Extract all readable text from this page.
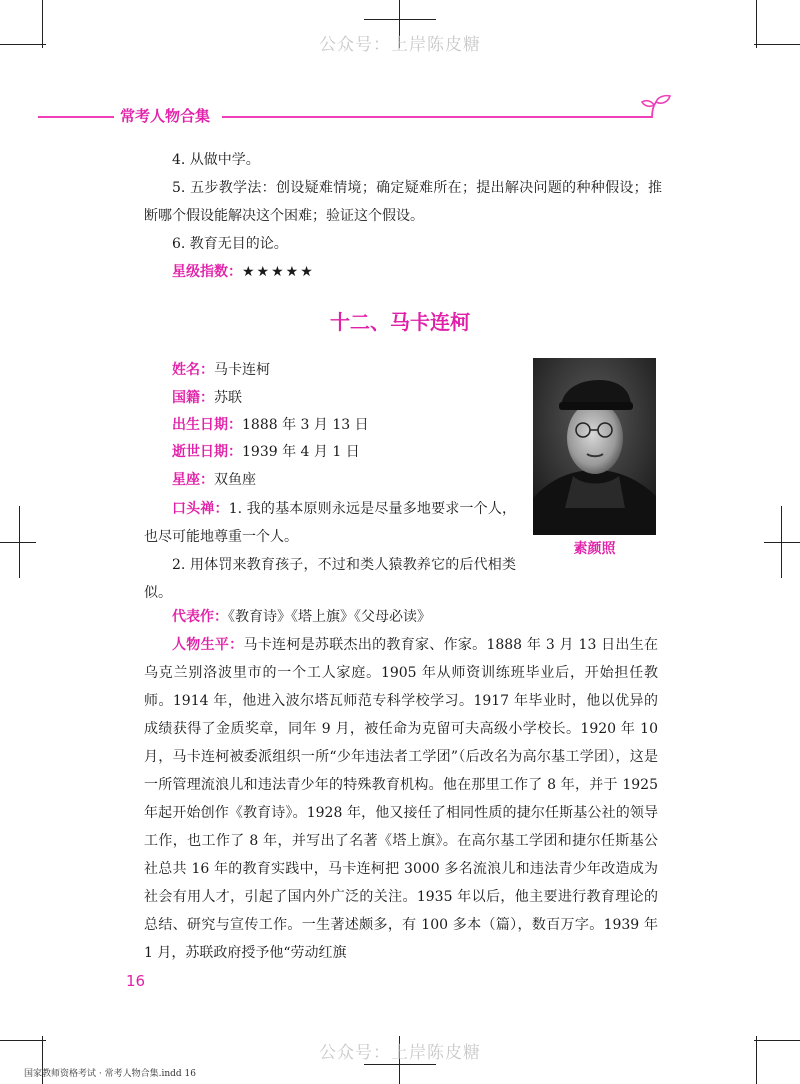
公众号：上岸陈皮糖
公众号：上岸陈皮糖
常考人物合集

4. 从做中学。

5. 五步教学法：创设疑难情境；确定疑难所在；提出解决问题的种种假设；推断哪个假设能解决这个困难；验证这个假设。

6. 教育无目的论。

星级指数：★★★★★

十二、马卡连柯

姓名：马卡连柯

国籍：苏联

出生日期：1888 年 3 月 13 日

逝世日期：1939 年 4 月 1 日

星座：双鱼座

口头禅：1. 我的基本原则永远是尽量多地要求一个人，也尽可能地尊重一个人。

2. 用体罚来教育孩子，不过和类人猿教养它的后代相类似。

素颜照

代表作：《教育诗》《塔上旗》《父母必读》

人物生平：马卡连柯是苏联杰出的教育家、作家。1888 年 3 月 13 日出生在乌克兰别洛波里市的一个工人家庭。1905 年从师资训练班毕业后，开始担任教师。1914 年，他进入波尔塔瓦师范专科学校学习。1917 年毕业时，他以优异的成绩获得了金质奖章，同年 9 月，被任命为克留可夫高级小学校长。1920 年 10 月，马卡连柯被委派组织一所“少年违法者工学团”（后改名为高尔基工学团），这是一所管理流浪儿和违法青少年的特殊教育机构。他在那里工作了 8 年，并于 1925 年起开始创作《教育诗》。1928 年，他又接任了相同性质的捷尔任斯基公社的领导工作，也工作了 8 年，并写出了名著《塔上旗》。在高尔基工学团和捷尔任斯基公社总共 16 年的教育实践中，马卡连柯把 3000 多名流浪儿和违法青少年改造成为社会有用人才，引起了国内外广泛的关注。1935 年以后，他主要进行教育理论的总结、研究与宣传工作。一生著述颇多，有 100 多本（篇），数百万字。1939 年 1 月，苏联政府授予他“劳动红旗

16
国家教师资格考试 · 常考人物合集.indd 16
